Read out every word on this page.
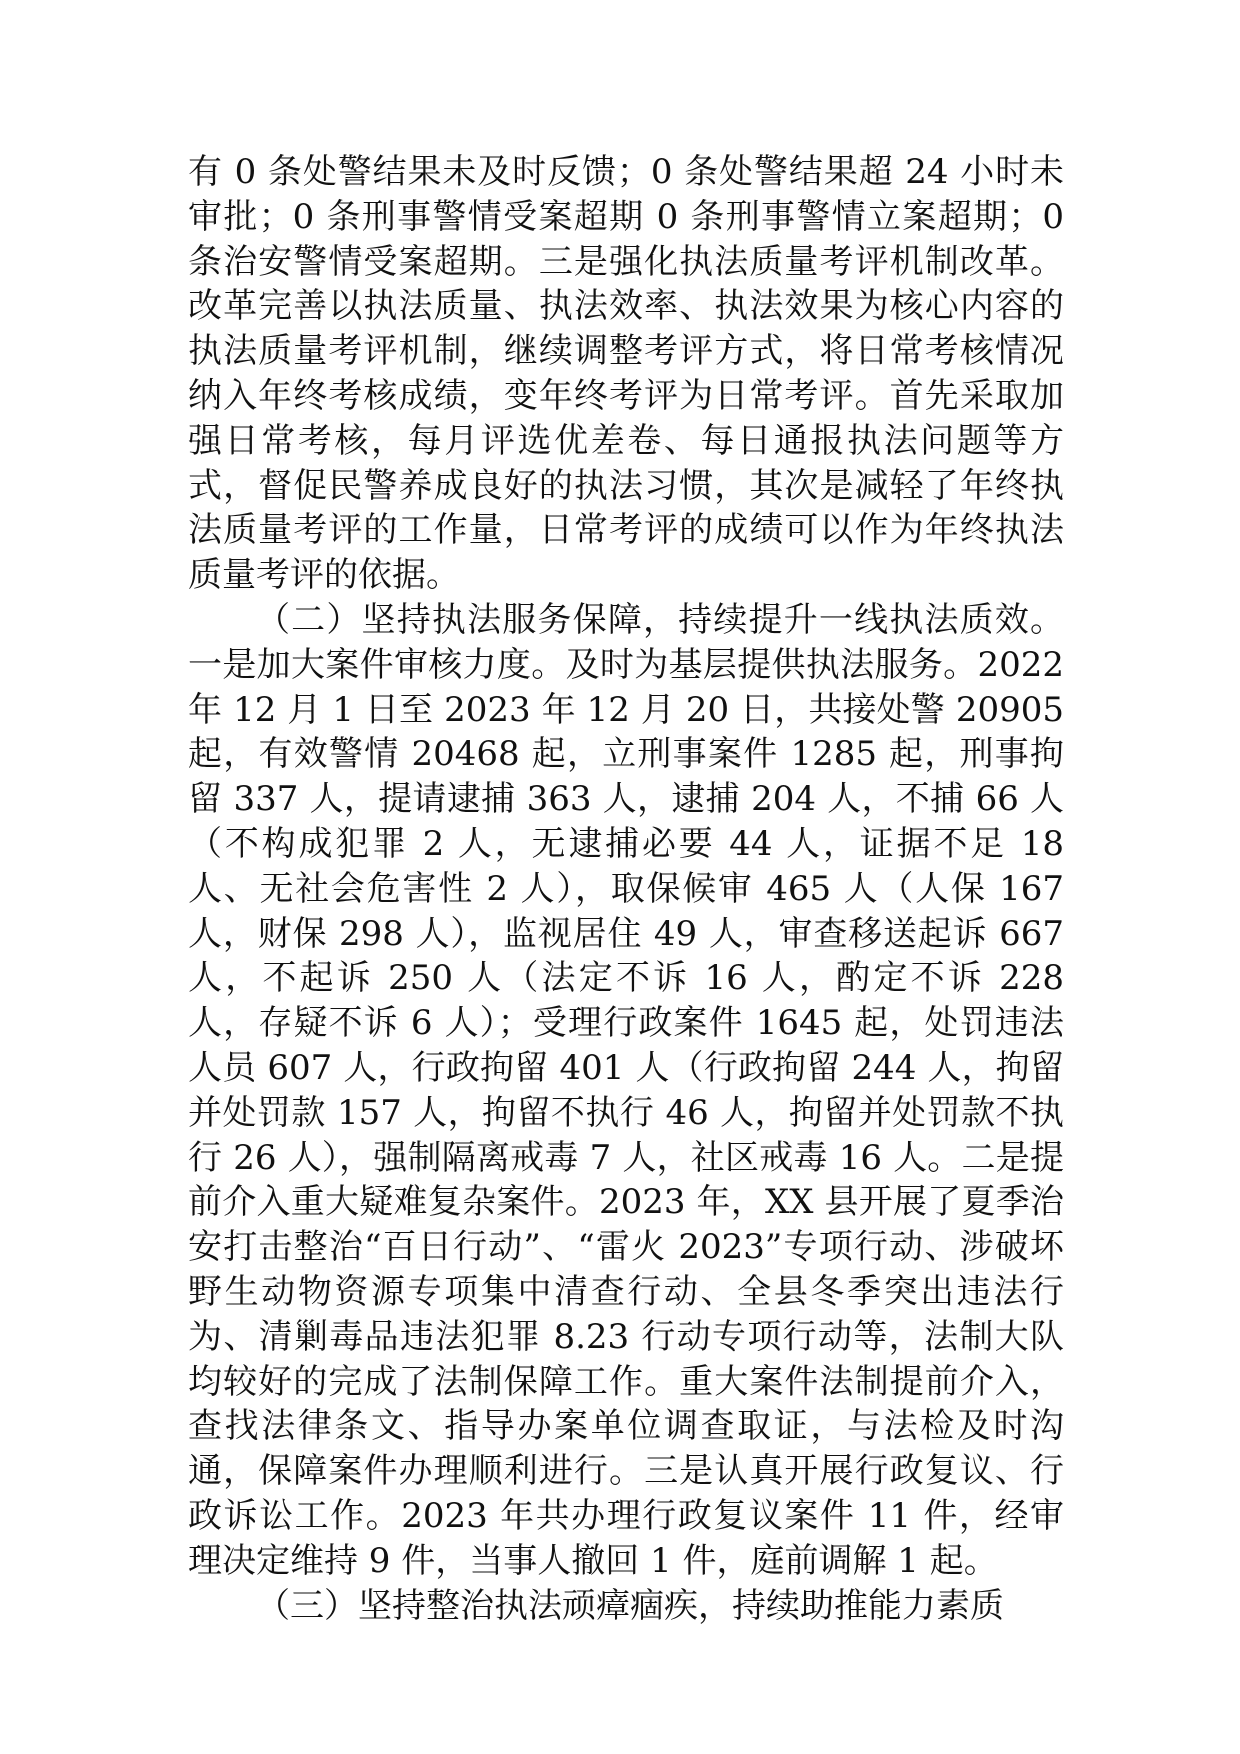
有 0 条处警结果未及时反馈；0 条处警结果超 24 小时未审批；0 条刑事警情受案超期 0 条刑事警情立案超期；0 条治安警情受案超期。三是强化执法质量考评机制改革。改革完善以执法质量、执法效率、执法效果为核心内容的执法质量考评机制，继续调整考评方式，将日常考核情况纳入年终考核成绩，变年终考评为日常考评。首先采取加强日常考核，每月评选优差卷、每日通报执法问题等方式，督促民警养成良好的执法习惯，其次是减轻了年终执法质量考评的工作量，日常考评的成绩可以作为年终执法质量考评的依据。

（二）坚持执法服务保障，持续提升一线执法质效。一是加大案件审核力度。及时为基层提供执法服务。2022 年 12 月 1 日至 2023 年 12 月 20 日，共接处警 20905 起，有效警情 20468 起，立刑事案件 1285 起，刑事拘留 337 人，提请逮捕 363 人，逮捕 204 人，不捕 66 人（不构成犯罪 2 人，无逮捕必要 44 人，证据不足 18 人、无社会危害性 2 人），取保候审 465 人（人保 167 人，财保 298 人），监视居住 49 人，审查移送起诉 667 人，不起诉 250 人（法定不诉 16 人，酌定不诉 228 人，存疑不诉 6 人）；受理行政案件 1645 起，处罚违法人员 607 人，行政拘留 401 人（行政拘留 244 人，拘留并处罚款 157 人，拘留不执行 46 人，拘留并处罚款不执行 26 人），强制隔离戒毒 7 人，社区戒毒 16 人。二是提前介入重大疑难复杂案件。2023 年，XX 县开展了夏季治安打击整治“百日行动”、“雷火 2023”专项行动、涉破坏野生动物资源专项集中清查行动、全县冬季突出违法行为、清剿毒品违法犯罪 8.23 行动专项行动等，法制大队均较好的完成了法制保障工作。重大案件法制提前介入，查找法律条文、指导办案单位调查取证，与法检及时沟通，保障案件办理顺利进行。三是认真开展行政复议、行政诉讼工作。2023 年共办理行政复议案件 11 件，经审理决定维持 9 件，当事人撤回 1 件，庭前调解 1 起。

（三）坚持整治执法顽瘴痼疾，持续助推能力素质
